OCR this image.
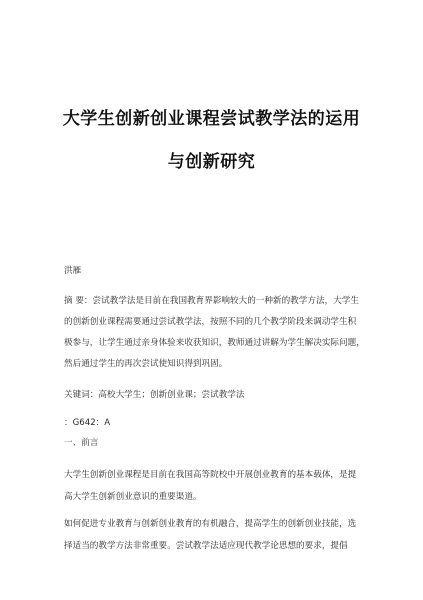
大学生创新创业课程尝试教学法的运用
与创新研究
洪雁
摘 要：尝试教学法是目前在我国教育界影响较大的一种新的教学方法，大学生
的创新创业课程需要通过尝试教学法，按照不同的几个教学阶段来调动学生积
极参与，让学生通过亲身体验来收获知识，教师通过讲解为学生解决实际问题，
然后通过学生的再次尝试使知识得到巩固。
关键词：高校大学生；创新创业课；尝试教学法
：G642：A
一、前言
大学生创新创业课程是目前在我国高等院校中开展创业教育的基本载体，是提
高大学生创新创业意识的重要渠道。
如何促进专业教育与创新创业教育的有机融合，提高学生的创新创业技能，选
择适当的教学方法非常重要。尝试教学法适应现代教学论思想的要求，提倡
